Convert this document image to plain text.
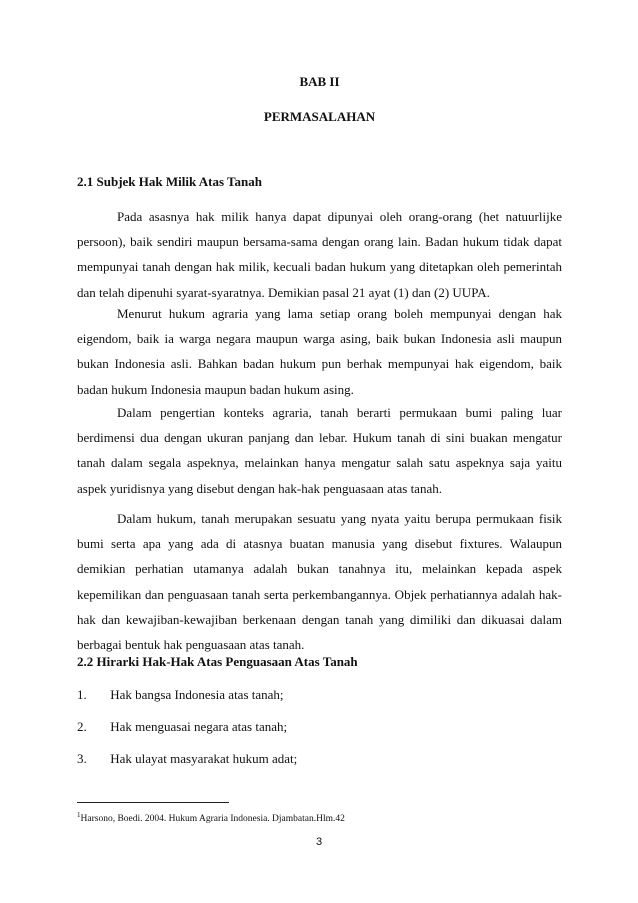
BAB II
PERMASALAHAN
2.1 Subjek Hak Milik Atas Tanah

Pada asasnya hak milik hanya dapat dipunyai oleh orang-orang (het natuurlijke persoon), baik sendiri maupun bersama-sama dengan orang lain. Badan hukum tidak dapat mempunyai tanah dengan hak milik, kecuali badan hukum yang ditetapkan oleh pemerintah dan telah dipenuhi syarat-syaratnya. Demikian pasal 21 ayat (1) dan (2) UUPA.

Menurut hukum agraria yang lama setiap orang boleh mempunyai dengan hak eigendom, baik ia warga negara maupun warga asing, baik bukan Indonesia asli maupun bukan Indonesia asli. Bahkan badan hukum pun berhak mempunyai hak eigendom, baik badan hukum Indonesia maupun badan hukum asing.

Dalam pengertian konteks agraria, tanah berarti permukaan bumi paling luar berdimensi dua dengan ukuran panjang dan lebar. Hukum tanah di sini buakan mengatur tanah dalam segala aspeknya, melainkan hanya mengatur salah satu aspeknya saja yaitu aspek yuridisnya yang disebut dengan hak-hak penguasaan atas tanah.

Dalam hukum, tanah merupakan sesuatu yang nyata yaitu berupa permukaan fisik bumi serta apa yang ada di atasnya buatan manusia yang disebut fixtures. Walaupun demikian perhatian utamanya adalah bukan tanahnya itu, melainkan kepada aspek kepemilikan dan penguasaan tanah serta perkembangannya. Objek perhatiannya adalah hak-hak dan kewajiban-kewajiban berkenaan dengan tanah yang dimiliki dan dikuasai dalam berbagai bentuk hak penguasaan atas tanah.

2.2 Hirarki Hak-Hak Atas Penguasaan Atas Tanah
1. Hak bangsa Indonesia atas tanah;
2. Hak menguasai negara atas tanah;
3. Hak ulayat masyarakat hukum adat;
$^1$Harsono, Boedi. 2004. Hukum Agraria Indonesia. Djambatan.Hlm.42
3
